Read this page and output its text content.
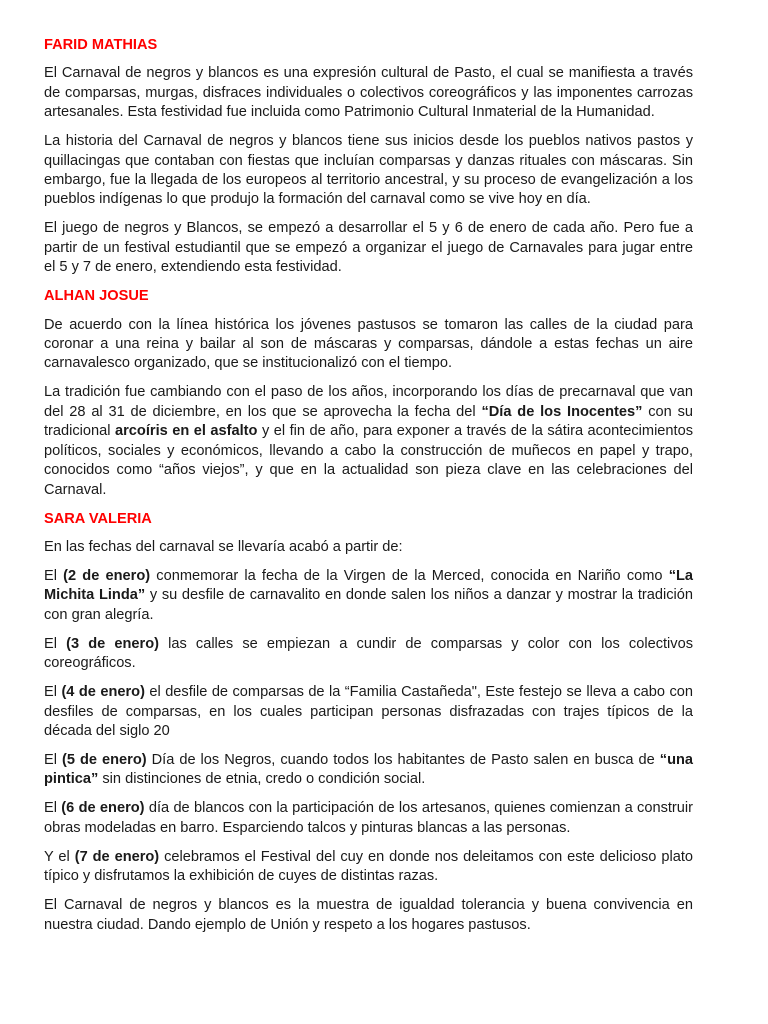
FARID MATHIAS

El Carnaval de negros y blancos es una expresión cultural de Pasto, el cual se manifiesta a través de comparsas, murgas, disfraces individuales o colectivos coreográficos y las imponentes carrozas artesanales. Esta festividad fue incluida como Patrimonio Cultural Inmaterial de la Humanidad.

La historia del Carnaval de negros y blancos tiene sus inicios desde los pueblos nativos pastos y quillacingas que contaban con fiestas que incluían comparsas y danzas rituales con máscaras. Sin embargo, fue la llegada de los europeos al territorio ancestral, y su proceso de evangelización a los pueblos indígenas lo que produjo la formación del carnaval como se vive hoy en día.

El juego de negros y Blancos, se empezó a desarrollar el 5 y 6 de enero de cada año. Pero fue a partir de un festival estudiantil que se empezó a organizar el juego de Carnavales para jugar entre el 5 y 7 de enero, extendiendo esta festividad.

ALHAN JOSUE

De acuerdo con la línea histórica los jóvenes pastusos se tomaron las calles de la ciudad para coronar a una reina y bailar al son de máscaras y comparsas, dándole a estas fechas un aire carnavalesco organizado, que se institucionalizó con el tiempo.

La tradición fue cambiando con el paso de los años, incorporando los días de precarnaval que van del 28 al 31 de diciembre, en los que se aprovecha la fecha del “Día de los Inocentes” con su tradicional arcoíris en el asfalto y el fin de año, para exponer a través de la sátira acontecimientos políticos, sociales y económicos, llevando a cabo la construcción de muñecos en papel y trapo, conocidos como “años viejos”, y que en la actualidad son pieza clave en las celebraciones del Carnaval.

SARA VALERIA

En las fechas del carnaval se llevaría acabó a partir de:

El (2 de enero) conmemorar la fecha de la Virgen de la Merced, conocida en Nariño como “La Michita Linda” y su desfile de carnavalito en donde salen los niños a danzar y mostrar la tradición con gran alegría.

El (3 de enero) las calles se empiezan a cundir de comparsas y color con los colectivos coreográficos.

El (4 de enero) el desfile de comparsas de la “Familia Castañeda", Este festejo se lleva a cabo con desfiles de comparsas, en los cuales participan personas disfrazadas con trajes típicos de la década del siglo 20

El (5 de enero) Día de los Negros, cuando todos los habitantes de Pasto salen en busca de “una pintica” sin distinciones de etnia, credo o condición social.

El (6 de enero) día de blancos con la participación de los artesanos, quienes comienzan a construir obras modeladas en barro. Esparciendo talcos y pinturas blancas a las personas.

Y el (7 de enero) celebramos el Festival del cuy en donde nos deleitamos con este delicioso plato típico y disfrutamos la exhibición de cuyes de distintas razas.

El Carnaval de negros y blancos es la muestra de igualdad tolerancia y buena convivencia en nuestra ciudad. Dando ejemplo de Unión y respeto a los hogares pastusos.
